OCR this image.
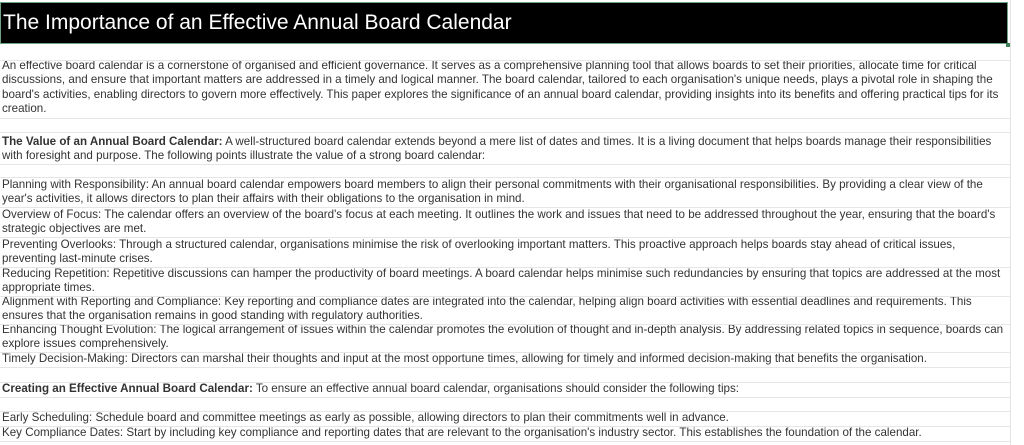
The Importance of an Effective Annual Board Calendar
An effective board calendar is a cornerstone of organised and efficient governance. It serves as a comprehensive planning tool that allows boards to set their priorities, allocate time for critical discussions, and ensure that important matters are addressed in a timely and logical manner. The board calendar, tailored to each organisation's unique needs, plays a pivotal role in shaping the board's activities, enabling directors to govern more effectively. This paper explores the significance of an annual board calendar, providing insights into its benefits and offering practical tips for its creation.
The Value of an Annual Board Calendar: A well-structured board calendar extends beyond a mere list of dates and times. It is a living document that helps boards manage their responsibilities with foresight and purpose. The following points illustrate the value of a strong board calendar:
Planning with Responsibility: An annual board calendar empowers board members to align their personal commitments with their organisational responsibilities. By providing a clear view of the year's activities, it allows directors to plan their affairs with their obligations to the organisation in mind.
Overview of Focus: The calendar offers an overview of the board's focus at each meeting. It outlines the work and issues that need to be addressed throughout the year, ensuring that the board's strategic objectives are met.
Preventing Overlooks: Through a structured calendar, organisations minimise the risk of overlooking important matters. This proactive approach helps boards stay ahead of critical issues, preventing last-minute crises.
Reducing Repetition: Repetitive discussions can hamper the productivity of board meetings. A board calendar helps minimise such redundancies by ensuring that topics are addressed at the most appropriate times.
Alignment with Reporting and Compliance: Key reporting and compliance dates are integrated into the calendar, helping align board activities with essential deadlines and requirements. This ensures that the organisation remains in good standing with regulatory authorities.
Enhancing Thought Evolution: The logical arrangement of issues within the calendar promotes the evolution of thought and in-depth analysis. By addressing related topics in sequence, boards can explore issues comprehensively.
Timely Decision-Making: Directors can marshal their thoughts and input at the most opportune times, allowing for timely and informed decision-making that benefits the organisation.
Creating an Effective Annual Board Calendar: To ensure an effective annual board calendar, organisations should consider the following tips:
Early Scheduling: Schedule board and committee meetings as early as possible, allowing directors to plan their commitments well in advance.
Key Compliance Dates: Start by including key compliance and reporting dates that are relevant to the organisation's industry sector. This establishes the foundation of the calendar.
